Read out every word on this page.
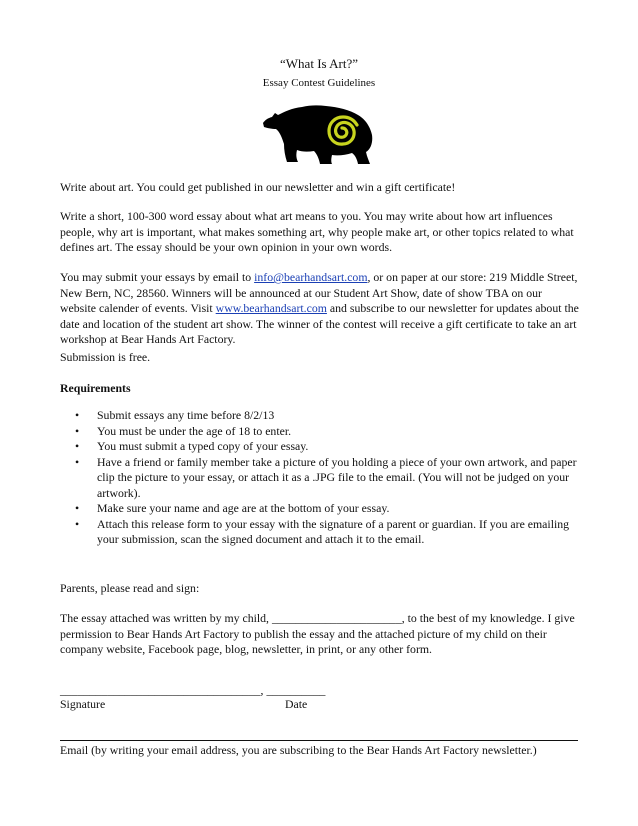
“What Is Art?”
Essay Contest Guidelines

Write about art. You could get published in our newsletter and win a gift certificate!

Write a short, 100-300 word essay about what art means to you. You may write about how art influences people, why art is important, what makes something art, why people make art, or other topics related to what defines art. The essay should be your own opinion in your own words.

You may submit your essays by email to info@bearhandsart.com, or on paper at our store: 219 Middle Street, New Bern, NC, 28560. Winners will be announced at our Student Art Show, date of show TBA on our website calender of events. Visit www.bearhandsart.com and subscribe to our newsletter for updates about the date and location of the student art show. The winner of the contest will receive a gift certificate to take an art workshop at Bear Hands Art Factory.

Submission is free.

Requirements

• Submit essays any time before 8/2/13
• You must be under the age of 18 to enter.
• You must submit a typed copy of your essay.
• Have a friend or family member take a picture of you holding a piece of your own artwork, and paper clip the picture to your essay, or attach it as a .JPG file to the email. (You will not be judged on your artwork).
• Make sure your name and age are at the bottom of your essay.
• Attach this release form to your essay with the signature of a parent or guardian. If you are emailing your submission, scan the signed document and attach it to the email.

Parents, please read and sign:

The essay attached was written by my child, ______________________, to the best of my knowledge. I give permission to Bear Hands Art Factory to publish the essay and the attached picture of my child on their company website, Facebook page, blog, newsletter, in print, or any other form.

__________________________________, __________
Signature	Date
Email (by writing your email address, you are subscribing to the Bear Hands Art Factory newsletter.)
